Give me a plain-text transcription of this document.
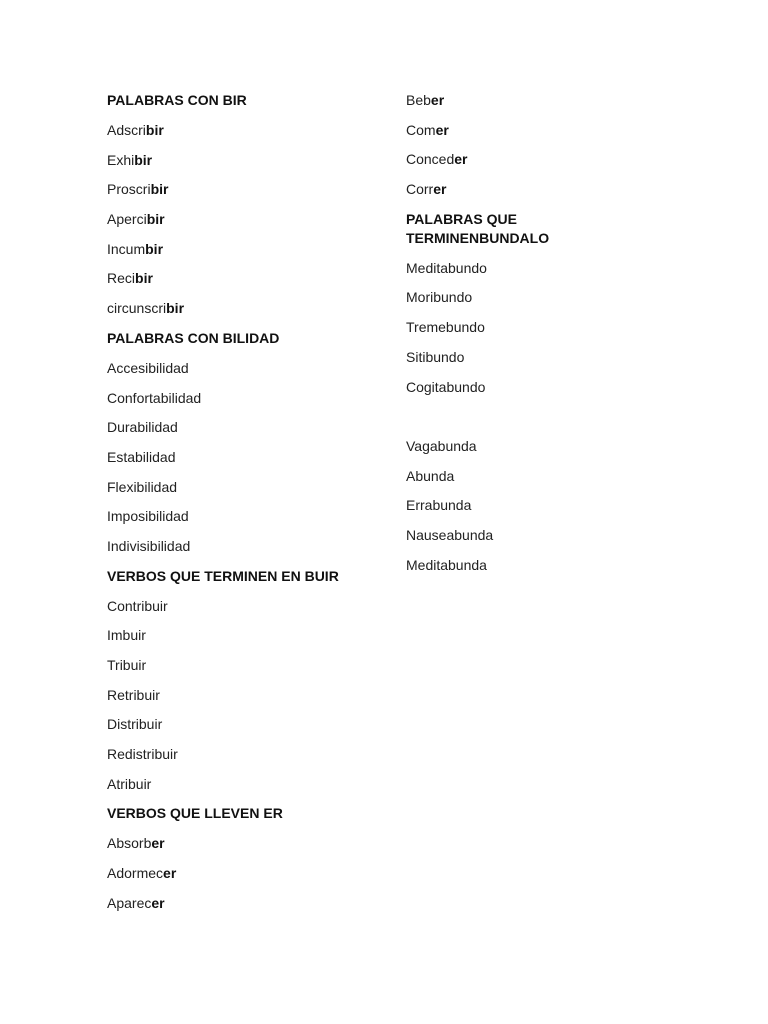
PALABRAS CON BIR

Adscribir

Exhibir

Proscribir

Apercibir

Incumbir

Recibir

circunscribir

PALABRAS CON BILIDAD

Accesibilidad

Confortabilidad

Durabilidad

Estabilidad

Flexibilidad

Imposibilidad

Indivisibilidad

VERBOS QUE TERMINEN EN BUIR

Contribuir

Imbuir

Tribuir

Retribuir

Distribuir

Redistribuir

Atribuir

VERBOS QUE LLEVEN ER

Absorber

Adormecer

Aparecer

Beber

Comer

Conceder

Correr

PALABRAS QUE TERMINENBUNDALO

Meditabundo

Moribundo

Tremebundo

Sitibundo

Cogitabundo

Vagabunda

Abunda

Errabunda

Nauseabunda

Meditabunda
